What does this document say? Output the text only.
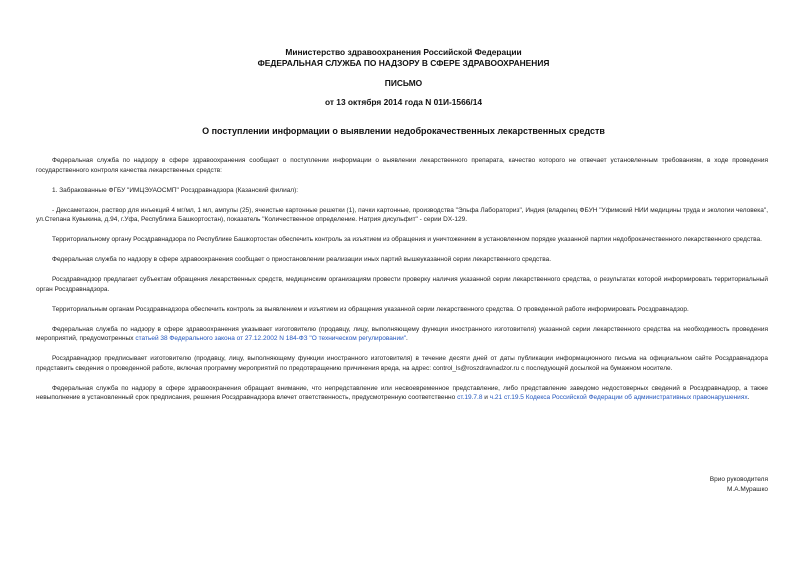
Министерство здравоохранения Российской Федерации
ФЕДЕРАЛЬНАЯ СЛУЖБА ПО НАДЗОРУ В СФЕРЕ ЗДРАВООХРАНЕНИЯ
ПИСЬМО
от 13 октября 2014 года N 01И-1566/14
О поступлении информации о выявлении недоброкачественных лекарственных средств

Федеральная служба по надзору в сфере здравоохранения сообщает о поступлении информации о выявлении лекарственного препарата, качество которого не отвечает установленным требованиям, в ходе проведения государственного контроля качества лекарственных средств:

1. Забракованные ФГБУ "ИМЦЭУАОСМП" Росздравнадзора (Казанский филиал):

- Дексаметазон, раствор для инъекций 4 мг/мл, 1 мл, ампулы (25), ячеистые картонные решетки (1), пачки картонные, производства "Эльфа Лабораториз", Индия (владелец ФБУН "Уфимский НИИ медицины труда и экологии человека", ул.Степана Кувыкина, д.94, г.Уфа, Республика Башкортостан), показатель "Количественное определение. Натрия дисульфит" - серии DX-129.

Территориальному органу Росздравнадзора по Республике Башкортостан обеспечить контроль за изъятием из обращения и уничтожением в установленном порядке указанной партии недоброкачественного лекарственного средства.

Федеральная служба по надзору в сфере здравоохранения сообщает о приостановлении реализации иных партий вышеуказанной серии лекарственного средства.

Росздравнадзор предлагает субъектам обращения лекарственных средств, медицинским организациям провести проверку наличия указанной серии лекарственного средства, о результатах которой информировать территориальный орган Росздравнадзора.

Территориальным органам Росздравнадзора обеспечить контроль за выявлением и изъятием из обращения указанной серии лекарственного средства. О проведенной работе информировать Росздравнадзор.

Федеральная служба по надзору в сфере здравоохранения указывает изготовителю (продавцу, лицу, выполняющему функции иностранного изготовителя) указанной серии лекарственного средства на необходимость проведения мероприятий, предусмотренных статьей 38 Федерального закона от 27.12.2002 N 184-ФЗ "О техническом регулировании".

Росздравнадзор предписывает изготовителю (продавцу, лицу, выполняющему функции иностранного изготовителя) в течение десяти дней от даты публикации информационного письма на официальном сайте Росздравнадзора представить сведения о проведенной работе, включая программу мероприятий по предотвращению причинения вреда, на адрес: control_ls@roszdravnadzor.ru с последующей досылкой на бумажном носителе.

Федеральная служба по надзору в сфере здравоохранения обращает внимание, что непредставление или несвоевременное представление, либо представление заведомо недостоверных сведений в Росздравнадзор, а также невыполнение в установленный срок предписания, решения Росздравнадзора влечет ответственность, предусмотренную соответственно ст.19.7.8 и ч.21 ст.19.5 Кодекса Российской Федерации об административных правонарушениях.

Врио руководителя
М.А.Мурашко
